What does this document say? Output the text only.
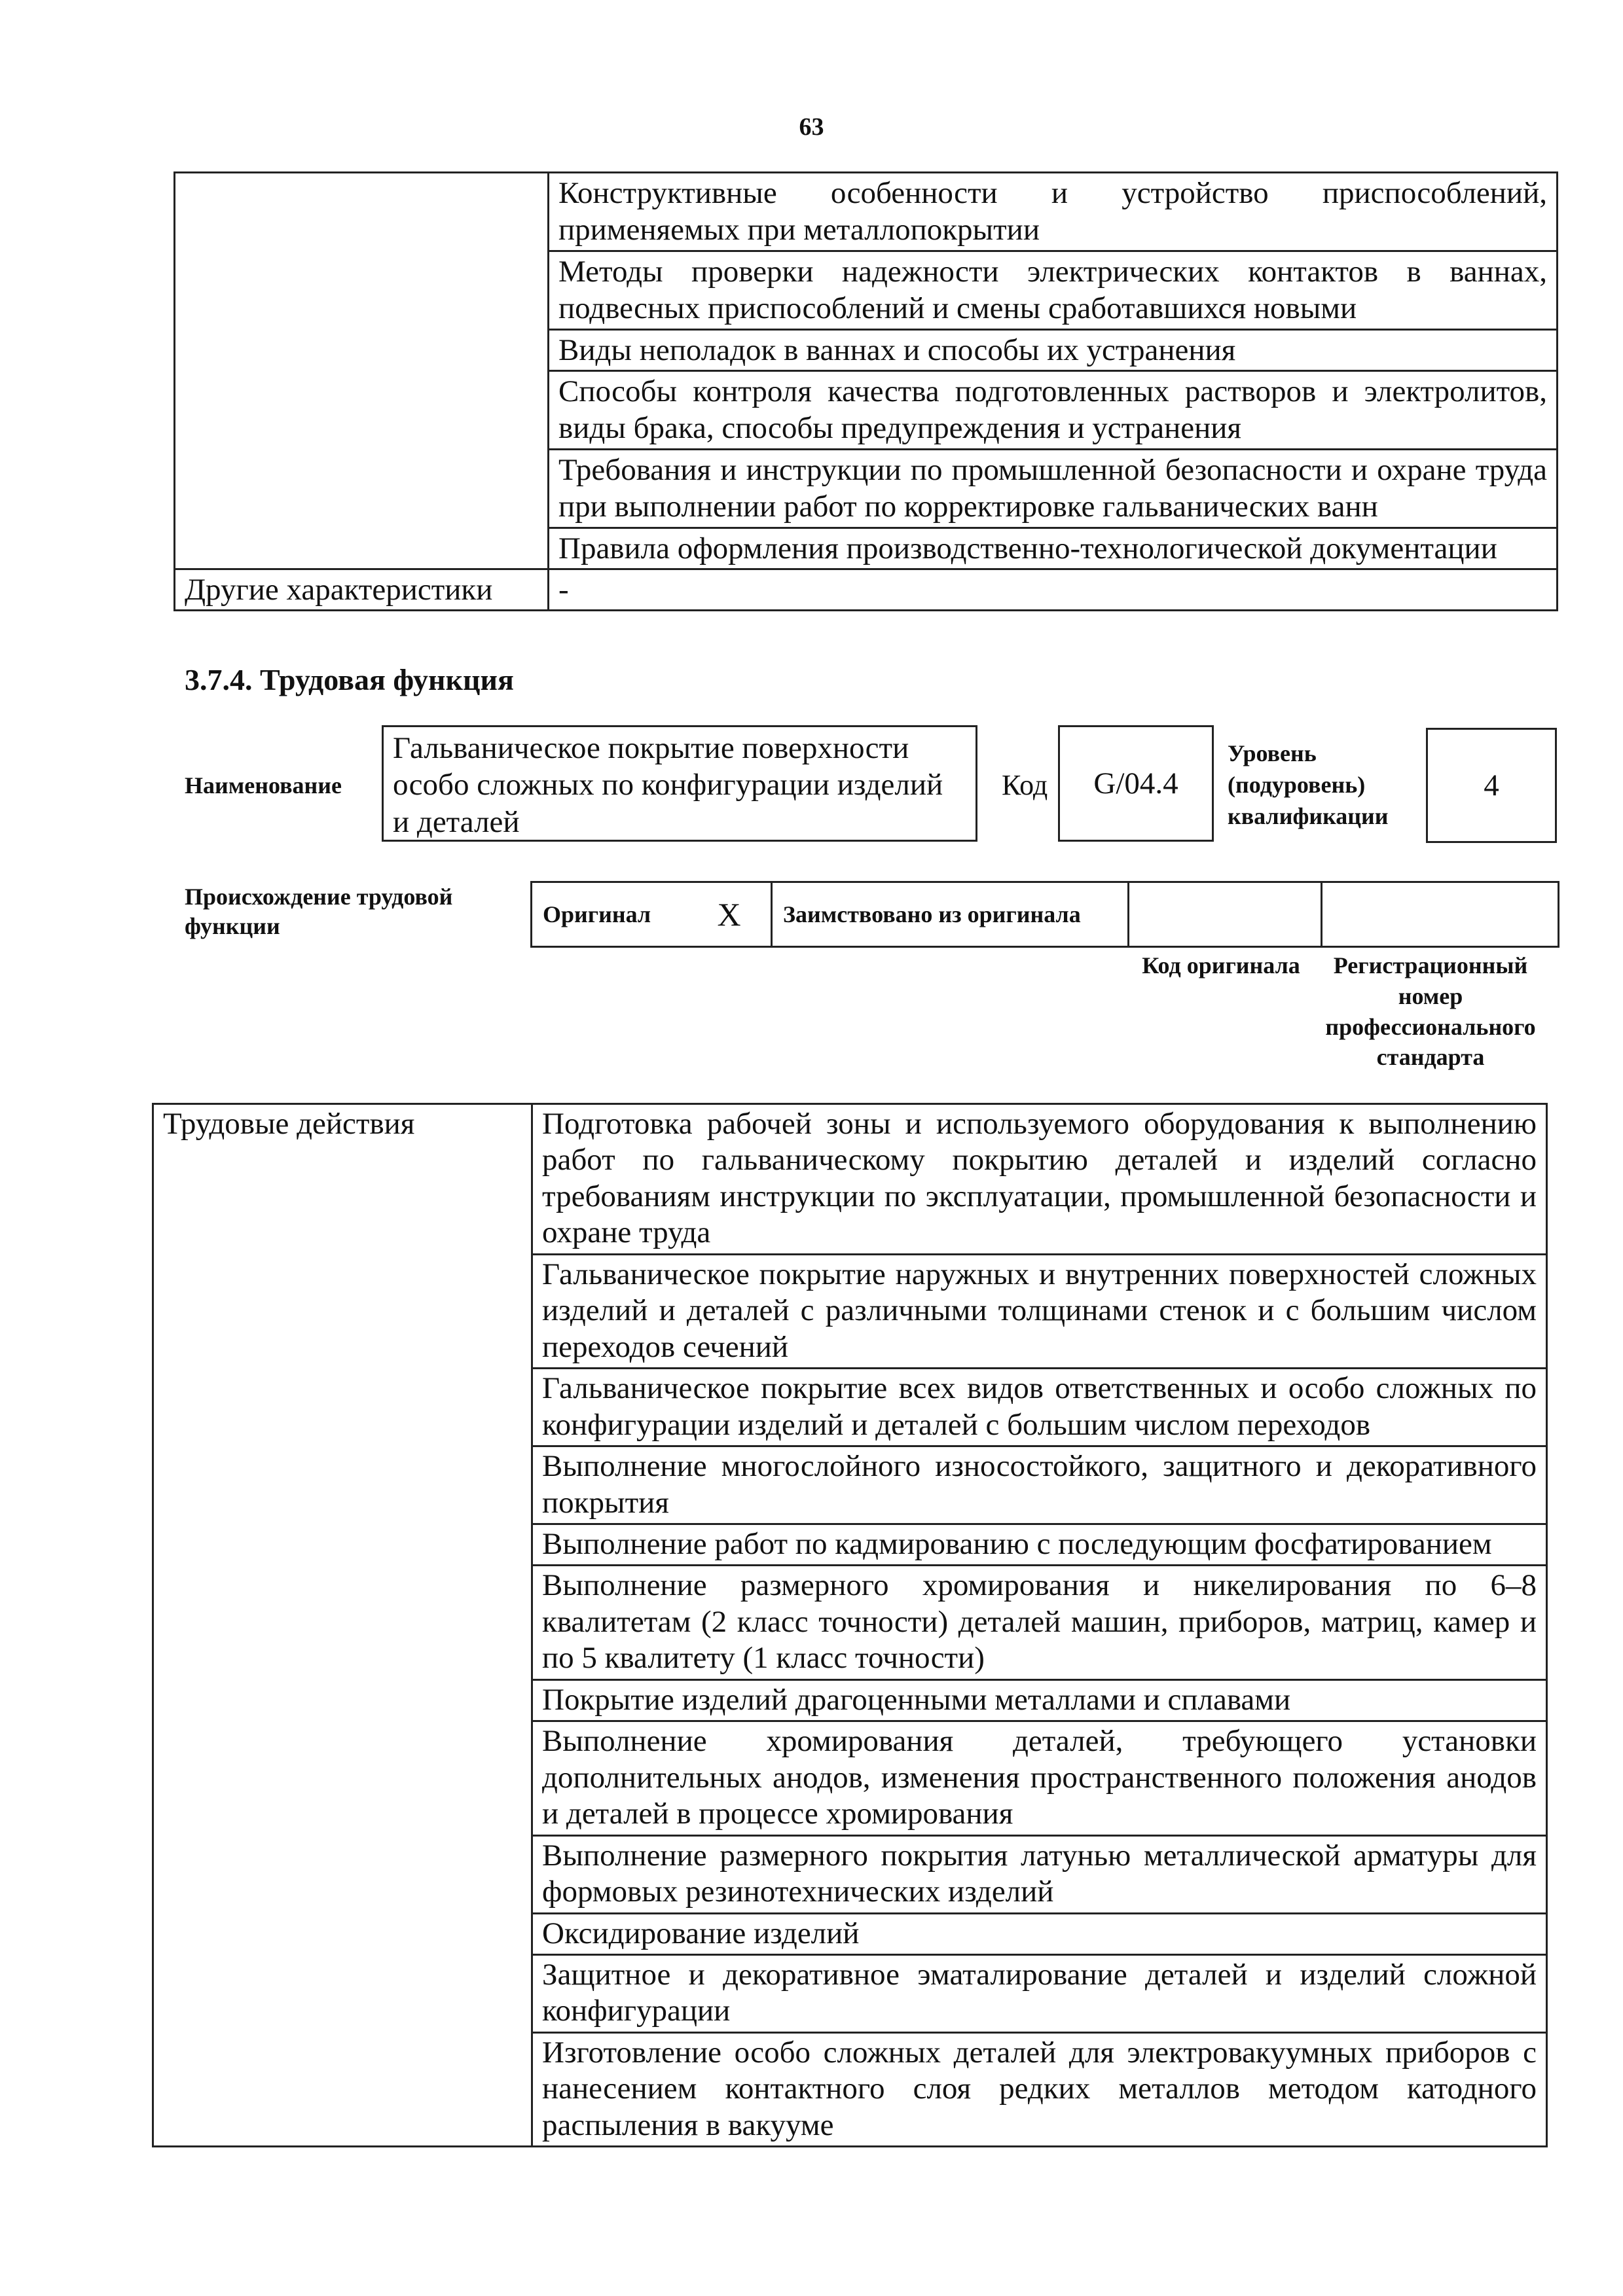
63
	Конструктивные особенности и устройство приспособлений, применяемых при металлопокрытии
	Методы проверки надежности электрических контактов в ваннах, подвесных приспособлений и смены сработавшихся новыми
	Виды неполадок в ваннах и способы их устранения
	Способы контроля качества подготовленных растворов и электролитов, виды брака, способы предупреждения и устранения
	Требования и инструкции по промышленной безопасности и охране труда при выполнении работ по корректировке гальванических ванн
	Правила оформления производственно-технологической документации
Другие характеристики	-
3.7.4. Трудовая функция
Наименование
Гальваническое покрытие поверхности особо сложных по конфигурации изделий и деталей
Код	G/04.4
Уровень (подуровень) квалификации
4
Происхождение трудовой функции	Оригинал	X	Заимствовано из оригинала		
Код оригинала	Регистрационный номер профессионального стандарта
Трудовые действия	Подготовка рабочей зоны и используемого оборудования к выполнению работ по гальваническому покрытию деталей и изделий согласно требованиям инструкции по эксплуатации, промышленной безопасности и охране труда
Гальваническое покрытие наружных и внутренних поверхностей сложных изделий и деталей с различными толщинами стенок и с большим числом переходов сечений
Гальваническое покрытие всех видов ответственных и особо сложных по конфигурации изделий и деталей с большим числом переходов
Выполнение многослойного износостойкого, защитного и декоративного покрытия
Выполнение работ по кадмированию с последующим фосфатированием
Выполнение размерного хромирования и никелирования по 6–8 квалитетам (2 класс точности) деталей машин, приборов, матриц, камер и по 5 квалитету (1 класс точности)
Покрытие изделий драгоценными металлами и сплавами
Выполнение хромирования деталей, требующего установки дополнительных анодов, изменения пространственного положения анодов и деталей в процессе хромирования
Выполнение размерного покрытия латунью металлической арматуры для формовых резинотехнических изделий
Оксидирование изделий
Защитное и декоративное эматалирование деталей и изделий сложной конфигурации
Изготовление особо сложных деталей для электровакуумных приборов с нанесением контактного слоя редких металлов методом катодного распыления в вакууме
